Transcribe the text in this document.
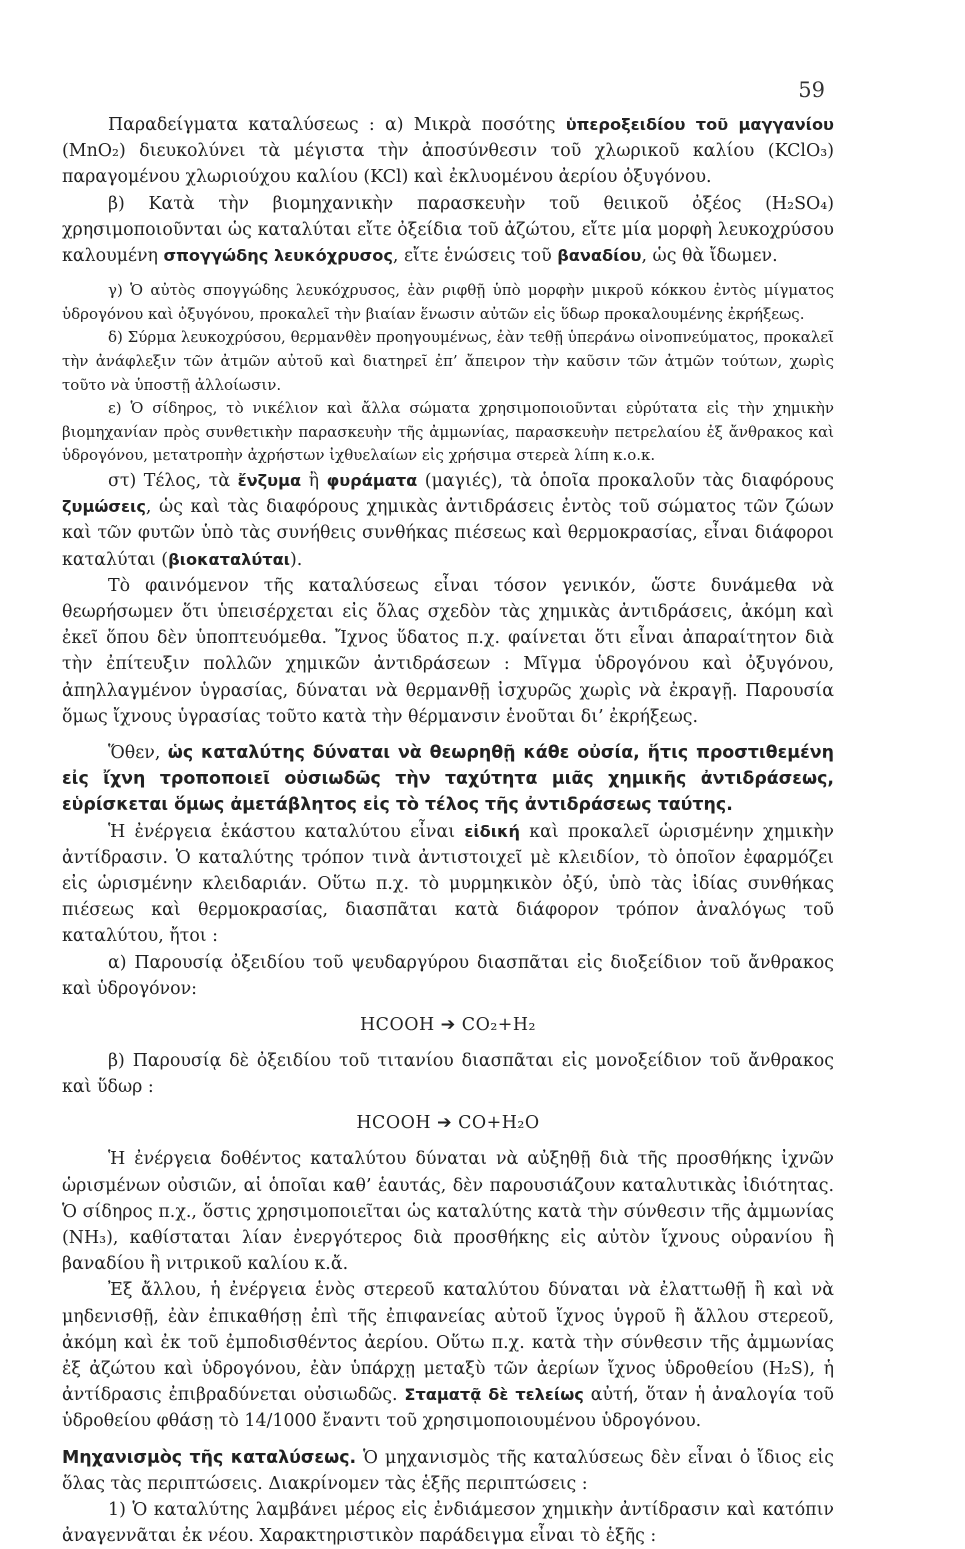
59

Παραδείγματα καταλύσεως : α) Μικρὰ ποσότης ὑπεροξειδίου τοῦ μαγγανίου (MnO₂) διευκολύνει τὰ μέγιστα τὴν ἀποσύνθεσιν τοῦ χλωρικοῦ καλίου (KClO₃) παραγομένου χλωριούχου καλίου (KCl) καὶ ἐκλυομένου ἀερίου ὀξυγόνου.

β) Κατὰ τὴν βιομηχανικὴν παρασκευὴν τοῦ θειικοῦ ὀξέος (H₂SO₄) χρησιμοποιοῦνται ὡς καταλύται εἴτε ὀξείδια τοῦ ἀζώτου, εἴτε μία μορφὴ λευκοχρύσου καλουμένη σπογγώδης λευκόχρυσος, εἴτε ἑνώσεις τοῦ βαναδίου, ὡς θὰ ἴδωμεν.

γ) Ὁ αὐτὸς σπογγώδης λευκόχρυσος, ἐὰν ριφθῇ ὑπὸ μορφὴν μικροῦ κόκκου ἐντὸς μίγματος ὑδρογόνου καὶ ὀξυγόνου, προκαλεῖ τὴν βιαίαν ἕνωσιν αὐτῶν εἰς ὕδωρ προκαλουμένης ἐκρήξεως.

δ) Σύρμα λευκοχρύσου, θερμανθὲν προηγουμένως, ἐὰν τεθῇ ὑπεράνω οἰνοπνεύματος, προκαλεῖ τὴν ἀνάφλεξιν τῶν ἀτμῶν αὐτοῦ καὶ διατηρεῖ ἐπ’ ἄπειρον τὴν καῦσιν τῶν ἀτμῶν τούτων, χωρὶς τοῦτο νὰ ὑποστῇ ἀλλοίωσιν.

ε) Ὁ σίδηρος, τὸ νικέλιον καὶ ἄλλα σώματα χρησιμοποιοῦνται εὐρύτατα εἰς τὴν χημικὴν βιομηχανίαν πρὸς συνθετικὴν παρασκευὴν τῆς ἀμμωνίας, παρασκευὴν πετρελαίου ἐξ ἄνθρακος καὶ ὑδρογόνου, μετατροπὴν ἀχρήστων ἰχθυελαίων εἰς χρήσιμα στερεὰ λίπη κ.ο.κ.

στ) Τέλος, τὰ ἔνζυμα ἢ φυράματα (μαγιές), τὰ ὁποῖα προκαλοῦν τὰς διαφόρους ζυμώσεις, ὡς καὶ τὰς διαφόρους χημικὰς ἀντιδράσεις ἐντὸς τοῦ σώματος τῶν ζώων καὶ τῶν φυτῶν ὑπὸ τὰς συνήθεις συνθήκας πιέσεως καὶ θερμοκρασίας, εἶναι διάφοροι καταλύται (βιοκαταλύται).

Τὸ φαινόμενον τῆς καταλύσεως εἶναι τόσον γενικόν, ὥστε δυνάμεθα νὰ θεωρήσωμεν ὅτι ὑπεισέρχεται εἰς ὅλας σχεδὸν τὰς χημικὰς ἀντιδράσεις, ἀκόμη καὶ ἐκεῖ ὅπου δὲν ὑποπτευόμεθα. Ἴχνος ὕδατος π.χ. φαίνεται ὅτι εἶναι ἀπαραίτητον διὰ τὴν ἐπίτευξιν πολλῶν χημικῶν ἀντιδράσεων : Μῖγμα ὑδρογόνου καὶ ὀξυγόνου, ἀπηλλαγμένον ὑγρασίας, δύναται νὰ θερμανθῇ ἰσχυρῶς χωρὶς νὰ ἐκραγῇ. Παρουσία ὅμως ἴχνους ὑγρασίας τοῦτο κατὰ τὴν θέρμανσιν ἑνοῦται δι’ ἐκρήξεως.

Ὅθεν, ὡς καταλύτης δύναται νὰ θεωρηθῇ κάθε οὐσία, ἥτις προστιθεμένη εἰς ἴχνη τροποποιεῖ οὐσιωδῶς τὴν ταχύτητα μιᾶς χημικῆς ἀντιδράσεως, εὑρίσκεται ὅμως ἀμετάβλητος εἰς τὸ τέλος τῆς ἀντιδράσεως ταύτης.

Ἡ ἐνέργεια ἑκάστου καταλύτου εἶναι εἰδική καὶ προκαλεῖ ὡρισμένην χημικὴν ἀντίδρασιν. Ὁ καταλύτης τρόπον τινὰ ἀντιστοιχεῖ μὲ κλειδίον, τὸ ὁποῖον ἐφαρμόζει εἰς ὡρισμένην κλειδαριάν. Οὕτω π.χ. τὸ μυρμηκικὸν ὀξύ, ὑπὸ τὰς ἰδίας συνθήκας πιέσεως καὶ θερμοκρασίας, διασπᾶται κατὰ διάφορον τρόπον ἀναλόγως τοῦ καταλύτου, ἤτοι :

α) Παρουσίᾳ ὀξειδίου τοῦ ψευδαργύρου διασπᾶται εἰς διοξείδιον τοῦ ἄνθρακος καὶ ὑδρογόνον:

HCOOH ➔ CO₂+H₂

β) Παρουσίᾳ δὲ ὀξειδίου τοῦ τιτανίου διασπᾶται εἰς μονοξείδιον τοῦ ἄνθρακος καὶ ὕδωρ :

HCOOH ➔ CO+H₂O

Ἡ ἐνέργεια δοθέντος καταλύτου δύναται νὰ αὐξηθῇ διὰ τῆς προσθήκης ἰχνῶν ὡρισμένων οὐσιῶν, αἱ ὁποῖαι καθ’ ἑαυτάς, δὲν παρουσιάζουν καταλυτικὰς ἰδιότητας. Ὁ σίδηρος π.χ., ὅστις χρησιμοποιεῖται ὡς καταλύτης κατὰ τὴν σύνθεσιν τῆς ἀμμωνίας (NH₃), καθίσταται λίαν ἐνεργότερος διὰ προσθήκης εἰς αὐτὸν ἴχνους οὐρανίου ἢ βαναδίου ἢ νιτρικοῦ καλίου κ.ἄ.

Ἐξ ἄλλου, ἡ ἐνέργεια ἑνὸς στερεοῦ καταλύτου δύναται νὰ ἐλαττωθῇ ἢ καὶ νὰ μηδενισθῇ, ἐὰν ἐπικαθήσῃ ἐπὶ τῆς ἐπιφανείας αὐτοῦ ἴχνος ὑγροῦ ἢ ἄλλου στερεοῦ, ἀκόμη καὶ ἐκ τοῦ ἐμποδισθέντος ἀερίου. Οὕτω π.χ. κατὰ τὴν σύνθεσιν τῆς ἀμμωνίας ἐξ ἀζώτου καὶ ὑδρογόνου, ἐὰν ὑπάρχῃ μεταξὺ τῶν ἀερίων ἴχνος ὑδροθείου (H₂S), ἡ ἀντίδρασις ἐπιβραδύνεται οὐσιωδῶς. Σταματᾷ δὲ τελείως αὐτή, ὅταν ἡ ἀναλογία τοῦ ὑδροθείου φθάσῃ τὸ 14/1000 ἔναντι τοῦ χρησιμοποιουμένου ὑδρογόνου.

Μηχανισμὸς τῆς καταλύσεως. Ὁ μηχανισμὸς τῆς καταλύσεως δὲν εἶναι ὁ ἴδιος εἰς ὅλας τὰς περιπτώσεις. Διακρίνομεν τὰς ἑξῆς περιπτώσεις :

1) Ὁ καταλύτης λαμβάνει μέρος εἰς ἐνδιάμεσον χημικὴν ἀντίδρασιν καὶ κατόπιν ἀναγεννᾶται ἐκ νέου. Χαρακτηριστικὸν παράδειγμα εἶναι τὸ ἑξῆς :
